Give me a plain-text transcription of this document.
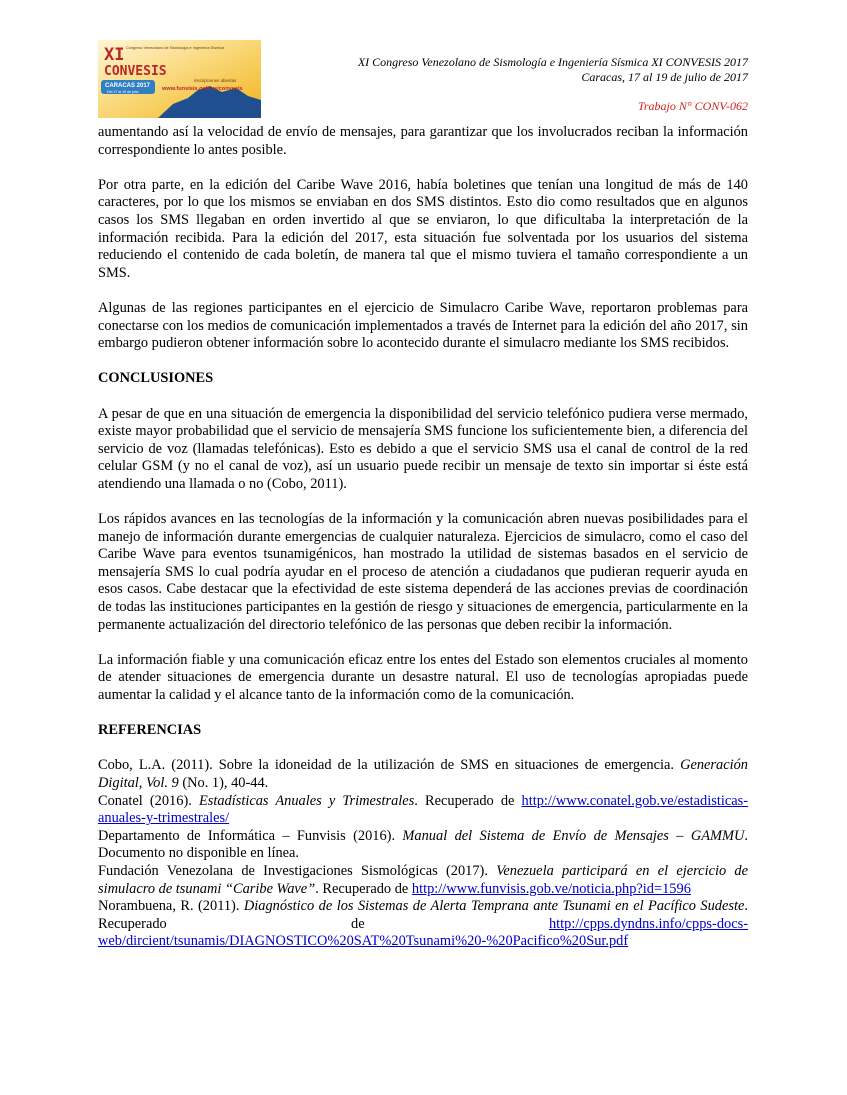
XI
CONVESIS
Congreso Venezolano de Sismología e Ingeniería Sísmica
CARACAS 2017
Del 17 al 19 de julio
inscripciones abiertas
www.funvisis.gob.ve/convesis
XI Congreso Venezolano de Sismología e Ingeniería Sísmica XI CONVESIS 2017
Caracas, 17 al 19 de julio de 2017
Trabajo N° CONV-062

aumentando así la velocidad de envío de mensajes, para garantizar que los involucrados reciban la información correspondiente lo antes posible.

Por otra parte, en la edición del Caribe Wave 2016, había boletines que tenían una longitud de más de 140 caracteres, por lo que los mismos se enviaban en dos SMS distintos. Esto dio como resultados que en algunos casos los SMS llegaban en orden invertido al que se enviaron, lo que dificultaba la interpretación de la información recibida. Para la edición del 2017, esta situación fue solventada por los usuarios del sistema reduciendo el contenido de cada boletín, de manera tal que el mismo tuviera el tamaño correspondiente a un SMS.

Algunas de las regiones participantes en el ejercicio de Simulacro Caribe Wave, reportaron problemas para conectarse con los medios de comunicación implementados a través de Internet para la edición del año 2017, sin embargo pudieron obtener información sobre lo acontecido durante el simulacro mediante los SMS recibidos.

CONCLUSIONES

A pesar de que en una situación de emergencia la disponibilidad del servicio telefónico pudiera verse mermado, existe mayor probabilidad que el servicio de mensajería SMS funcione los suficientemente bien, a diferencia del servicio de voz (llamadas telefónicas). Esto es debido a que el servicio SMS usa el canal de control de la red celular GSM (y no el canal de voz), así un usuario puede recibir un mensaje de texto sin importar si éste está atendiendo una llamada o no (Cobo, 2011).

Los rápidos avances en las tecnologías de la información y la comunicación abren nuevas posibilidades para el manejo de información durante emergencias de cualquier naturaleza. Ejercicios de simulacro, como el caso del Caribe Wave para eventos tsunamigénicos, han mostrado la utilidad de sistemas basados en el servicio de mensajería SMS lo cual podría ayudar en el proceso de atención a ciudadanos que pudieran requerir ayuda en esos casos. Cabe destacar que la efectividad de este sistema dependerá de las acciones previas de coordinación de todas las instituciones participantes en la gestión de riesgo y situaciones de emergencia, particularmente en la permanente actualización del directorio telefónico de las personas que deben recibir la información.

La información fiable y una comunicación eficaz entre los entes del Estado son elementos cruciales al momento de atender situaciones de emergencia durante un desastre natural. El uso de tecnologías apropiadas puede aumentar la calidad y el alcance tanto de la información como de la comunicación.

REFERENCIAS

Cobo, L.A. (2011). Sobre la idoneidad de la utilización de SMS en situaciones de emergencia. Generación Digital, Vol. 9 (No. 1), 40-44.

Conatel (2016). Estadísticas Anuales y Trimestrales. Recuperado de http://www.conatel.gob.ve/estadisticas-anuales-y-trimestrales/

Departamento de Informática – Funvisis (2016). Manual del Sistema de Envío de Mensajes – GAMMU. Documento no disponible en línea.

Fundación Venezolana de Investigaciones Sismológicas (2017). Venezuela participará en el ejercicio de simulacro de tsunami “Caribe Wave”. Recuperado de http://www.funvisis.gob.ve/noticia.php?id=1596

Norambuena, R. (2011). Diagnóstico de los Sistemas de Alerta Temprana ante Tsunami en el Pacífico Sudeste. Recuperado de http://cpps.dyndns.info/cpps-docs-web/dircient/tsunamis/DIAGNOSTICO%20SAT%20Tsunami%20-%20Pacifico%20Sur.pdf
